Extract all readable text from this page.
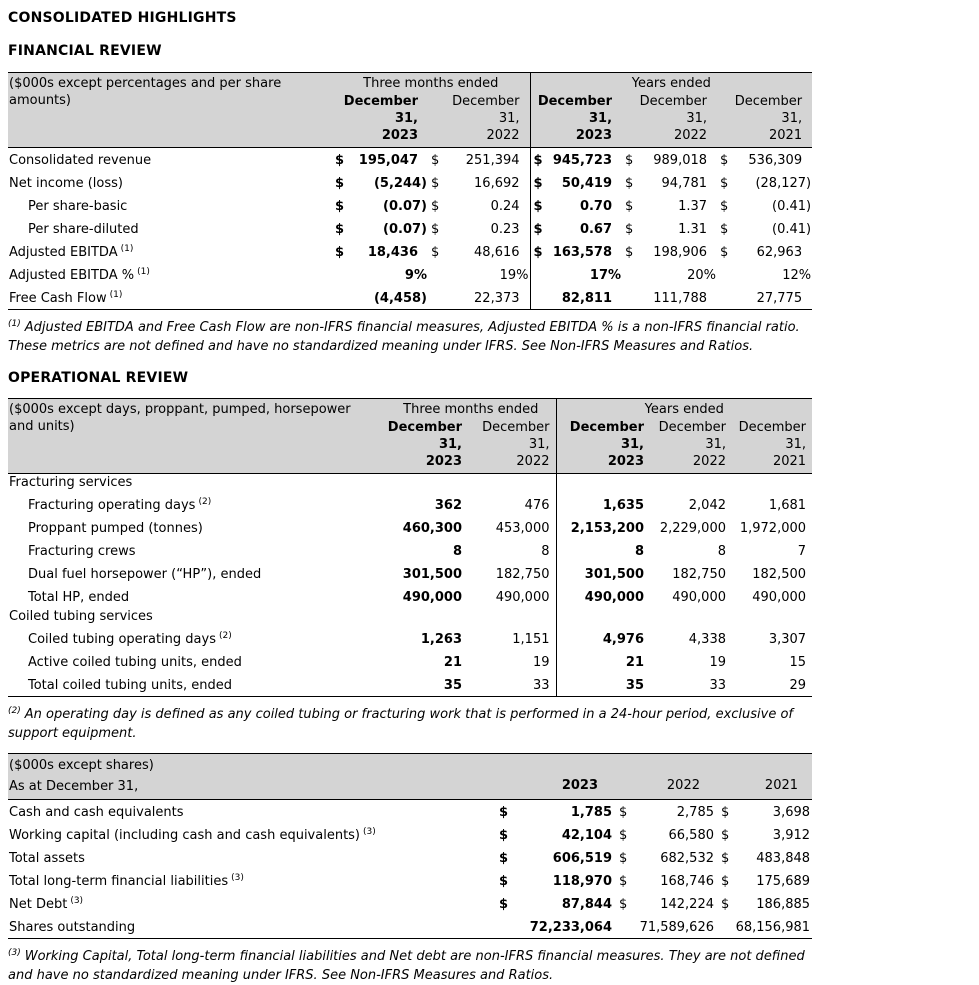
CONSOLIDATED HIGHLIGHTS
FINANCIAL REVIEW
($000s except percentages and per share amounts)	Three months ended				Years ended					
	December
31,
2023		December
31,
2022		December
31,
2023		December
31,
2022		December
31,
2021	
Consolidated revenue	$	195,047	$	251,394	$	945,723	$	989,018	$	536,309
Net income (loss)	$	(5,244)	$	16,692	$	50,419	$	94,781	$	(28,127)
Per share-basic	$	(0.07)	$	0.24	$	0.70	$	1.37	$	(0.41)
Per share-diluted	$	(0.07)	$	0.23	$	0.67	$	1.31	$	(0.41)
Adjusted EBITDA $^{(1)}$	$	18,436	$	48,616	$	163,578	$	198,906	$	62,963
Adjusted EBITDA % $^{(1)}$		9%		19%		17%		20%		12%
Free Cash Flow $^{(1)}$		(4,458)		22,373		82,811		111,788		27,775
$^{(1)}$ Adjusted EBITDA and Free Cash Flow are non-IFRS financial measures, Adjusted EBITDA % is a non-IFRS financial ratio. These metrics are not defined and have no standardized meaning under IFRS. See Non-IFRS Measures and Ratios.
OPERATIONAL REVIEW
($000s except days, proppant, pumped, horsepower and units)	Three months ended		Years ended		
	December
31,
2023	December
31,
2022	December
31,
2023	December
31,
2022	December
31,
2021
Fracturing services					
Fracturing operating days $^{(2)}$	362	476	1,635	2,042	1,681
Proppant pumped (tonnes)	460,300	453,000	2,153,200	2,229,000	1,972,000
Fracturing crews	8	8	8	8	7
Dual fuel horsepower (“HP”), ended	301,500	182,750	301,500	182,750	182,500
Total HP, ended	490,000	490,000	490,000	490,000	490,000
Coiled tubing services					
Coiled tubing operating days $^{(2)}$	1,263	1,151	4,976	4,338	3,307
Active coiled tubing units, ended	21	19	21	19	15
Total coiled tubing units, ended	35	33	35	33	29
$^{(2)}$ An operating day is defined as any coiled tubing or fracturing work that is performed in a 24-hour period, exclusive of support equipment.
($000s except shares)						
As at December 31,	2023		2022		2021	
Cash and cash equivalents	$	1,785	$	2,785	$	3,698
Working capital (including cash and cash equivalents) $^{(3)}$	$	42,104	$	66,580	$	3,912
Total assets	$	606,519	$	682,532	$	483,848
Total long-term financial liabilities $^{(3)}$	$	118,970	$	168,746	$	175,689
Net Debt $^{(3)}$	$	87,844	$	142,224	$	186,885
Shares outstanding		72,233,064		71,589,626		68,156,981
$^{(3)}$ Working Capital, Total long-term financial liabilities and Net debt are non-IFRS financial measures. They are not defined and have no standardized meaning under IFRS. See Non-IFRS Measures and Ratios.
